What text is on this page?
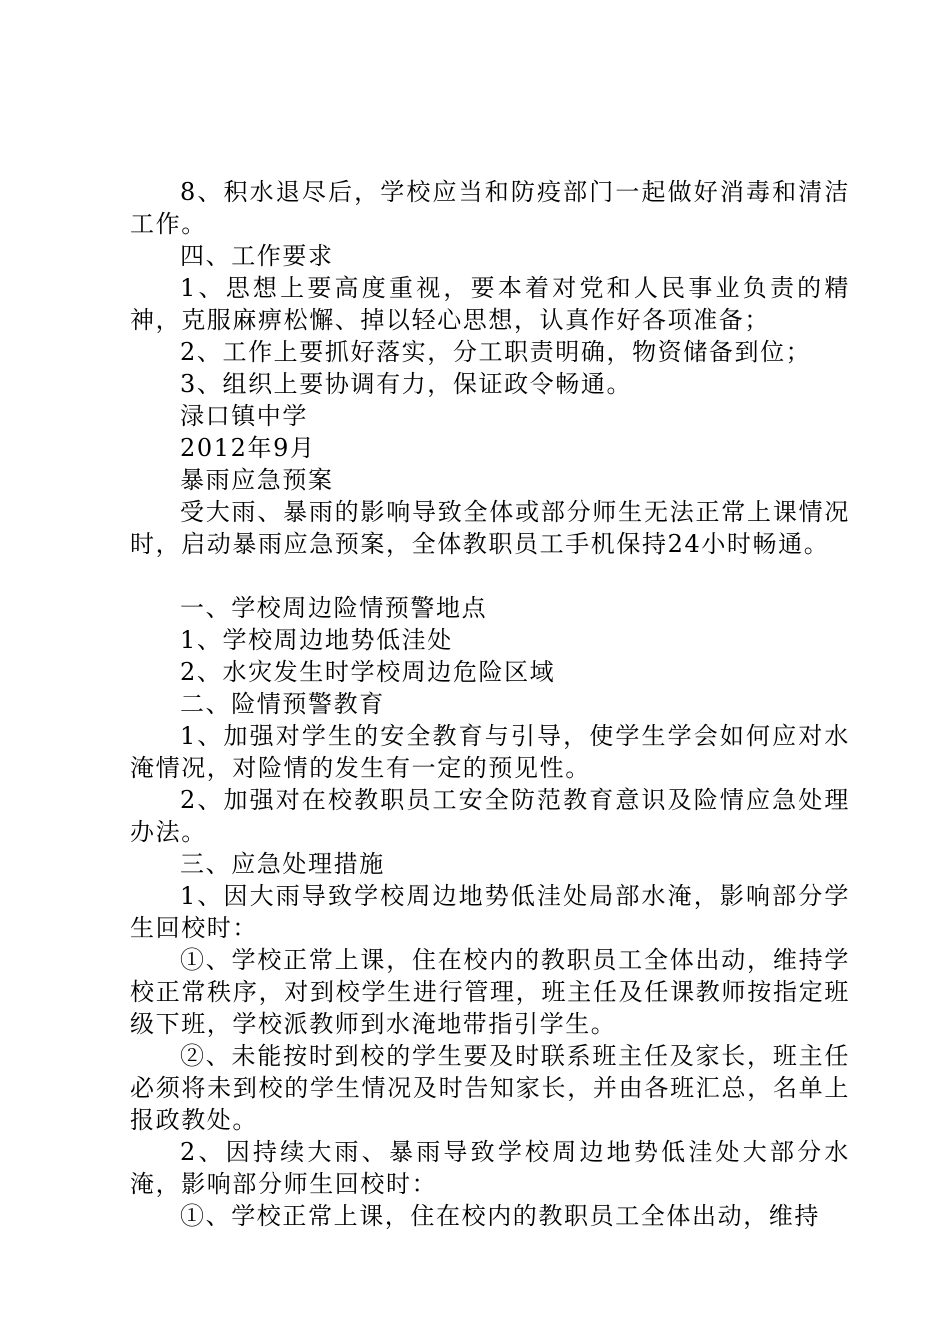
8、积水退尽后，学校应当和防疫部门一起做好消毒和清洁工作。

四、工作要求

1、思想上要高度重视，要本着对党和人民事业负责的精神，克服麻痹松懈、掉以轻心思想，认真作好各项准备；

2、工作上要抓好落实，分工职责明确，物资储备到位；

3、组织上要协调有力，保证政令畅通。

渌口镇中学

2012年9月

暴雨应急预案

受大雨、暴雨的影响导致全体或部分师生无法正常上课情况时，启动暴雨应急预案，全体教职员工手机保持24小时畅通。

一、学校周边险情预警地点

1、学校周边地势低洼处

2、水灾发生时学校周边危险区域

二、险情预警教育

1、加强对学生的安全教育与引导，使学生学会如何应对水淹情况，对险情的发生有一定的预见性。

2、加强对在校教职员工安全防范教育意识及险情应急处理办法。

三、应急处理措施

1、因大雨导致学校周边地势低洼处局部水淹，影响部分学生回校时：

①、学校正常上课，住在校内的教职员工全体出动，维持学校正常秩序，对到校学生进行管理，班主任及任课教师按指定班级下班，学校派教师到水淹地带指引学生。

②、未能按时到校的学生要及时联系班主任及家长，班主任必须将未到校的学生情况及时告知家长，并由各班汇总，名单上报政教处。

2、因持续大雨、暴雨导致学校周边地势低洼处大部分水淹，影响部分师生回校时：

①、学校正常上课，住在校内的教职员工全体出动，维持
